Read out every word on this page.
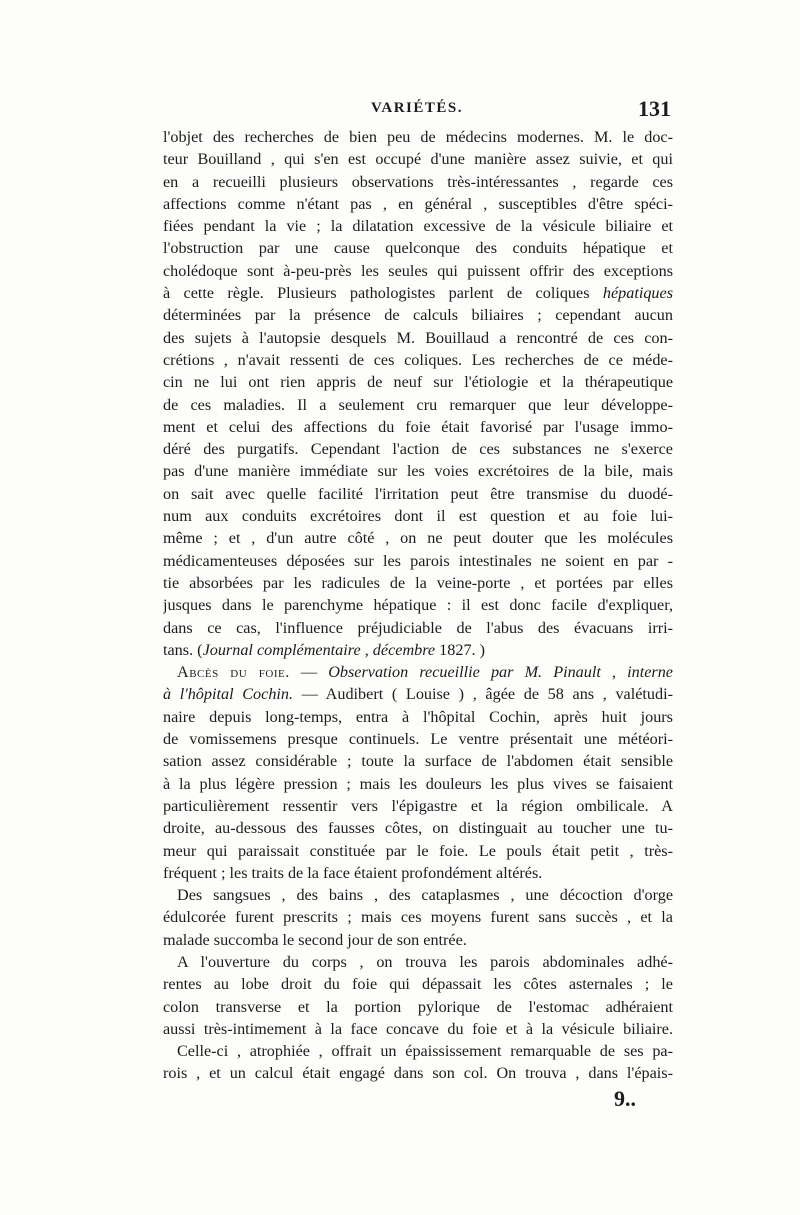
VARIÉTÉS.	131
l'objet des recherches de bien peu de médecins modernes. M. le doc-
teur Bouilland , qui s'en est occupé d'une manière assez suivie, et qui
en a recueilli plusieurs observations très-intéressantes , regarde ces
affections comme n'étant pas , en général , susceptibles d'être spéci-
fiées pendant la vie ; la dilatation excessive de la vésicule biliaire et
l'obstruction par une cause quelconque des conduits hépatique et
cholédoque sont à-peu-près les seules qui puissent offrir des exceptions
à cette règle. Plusieurs pathologistes parlent de coliques hépatiques
déterminées par la présence de calculs biliaires ; cependant aucun
des sujets à l'autopsie desquels M. Bouillaud a rencontré de ces con-
crétions , n'avait ressenti de ces coliques. Les recherches de ce méde-
cin ne lui ont rien appris de neuf sur l'étiologie et la thérapeutique
de ces maladies. Il a seulement cru remarquer que leur développe-
ment et celui des affections du foie était favorisé par l'usage immo-
déré des purgatifs. Cependant l'action de ces substances ne s'exerce
pas d'une manière immédiate sur les voies excrétoires de la bile, mais
on sait avec quelle facilité l'irritation peut être transmise du duodé-
num aux conduits excrétoires dont il est question et au foie lui-
même ; et , d'un autre côté , on ne peut douter que les molécules
médicamenteuses déposées sur les parois intestinales ne soient en par -
tie absorbées par les radicules de la veine-porte , et portées par elles
jusques dans le parenchyme hépatique : il est donc facile d'expliquer,
dans ce cas, l'influence préjudiciable de l'abus des évacuans irri-
tans. (Journal complémentaire , décembre 1827. )
Abcès du foie. — Observation recueillie par M. Pinault , interne
à l'hôpital Cochin. — Audibert ( Louise ) , âgée de 58 ans , valétudi-
naire depuis long-temps, entra à l'hôpital Cochin, après huit jours
de vomissemens presque continuels. Le ventre présentait une météori-
sation assez considérable ; toute la surface de l'abdomen était sensible
à la plus légère pression ; mais les douleurs les plus vives se faisaient
particulièrement ressentir vers l'épigastre et la région ombilicale. A
droite, au-dessous des fausses côtes, on distinguait au toucher une tu-
meur qui paraissait constituée par le foie. Le pouls était petit , très-
fréquent ; les traits de la face étaient profondément altérés.
Des sangsues , des bains , des cataplasmes , une décoction d'orge
édulcorée furent prescrits ; mais ces moyens furent sans succès , et la
malade succomba le second jour de son entrée.
A l'ouverture du corps , on trouva les parois abdominales adhé-
rentes au lobe droit du foie qui dépassait les côtes asternales ; le
colon transverse et la portion pylorique de l'estomac adhéraient
aussi très-intimement à la face concave du foie et à la vésicule biliaire.
Celle-ci , atrophiée , offrait un épaississement remarquable de ses pa-
rois , et un calcul était engagé dans son col. On trouva , dans l'épais-
9..
